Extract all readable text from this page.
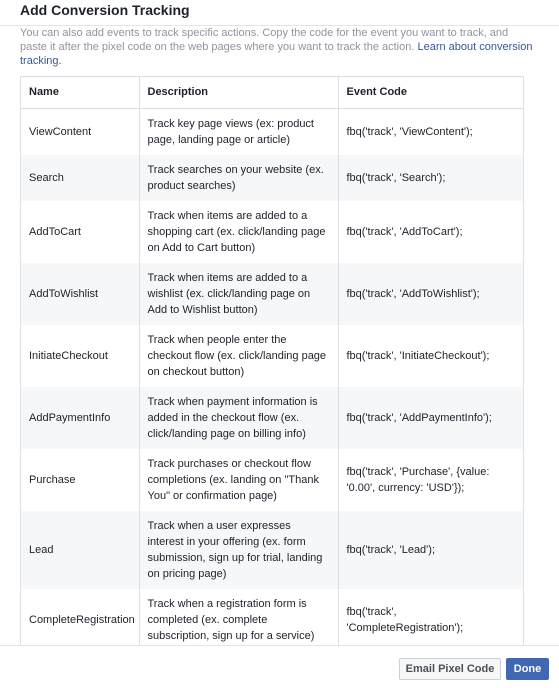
Add Conversion Tracking
You can also add events to track specific actions. Copy the code for the event you want to track, and paste it after the pixel code on the web pages where you want to track the action. Learn about conversion tracking.
Name	Description	Event Code
ViewContent	Track key page views (ex: product page, landing page or article)	fbq('track', 'ViewContent');
Search	Track searches on your website (ex. product searches)	fbq('track', 'Search');
AddToCart	Track when items are added to a shopping cart (ex. click/landing page on Add to Cart button)	fbq('track', 'AddToCart');
AddToWishlist	Track when items are added to a wishlist (ex. click/landing page on Add to Wishlist button)	fbq('track', 'AddToWishlist');
InitiateCheckout	Track when people enter the checkout flow (ex. click/landing page on checkout button)	fbq('track', 'InitiateCheckout');
AddPaymentInfo	Track when payment information is added in the checkout flow (ex. click/landing page on billing info)	fbq('track', 'AddPaymentInfo');
Purchase	Track purchases or checkout flow completions (ex. landing on "Thank You" or confirmation page)	fbq('track', 'Purchase', {value: '0.00', currency: 'USD'});
Lead	Track when a user expresses interest in your offering (ex. form submission, sign up for trial, landing on pricing page)	fbq('track', 'Lead');
CompleteRegistration	Track when a registration form is completed (ex. complete subscription, sign up for a service)	fbq('track', 'CompleteRegistration');
Email Pixel Code	Done
